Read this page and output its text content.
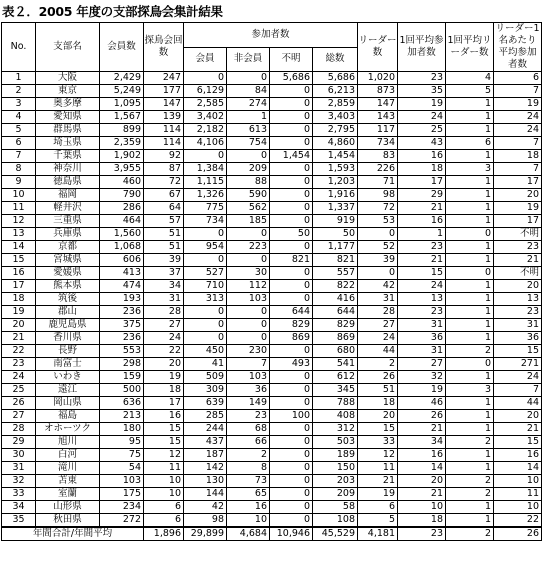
表２．2005 年度の支部探鳥会集計結果
No.	支部名	会員数	探鳥会回数	参加者数				リーダー数	1回平均参加者数	1回平均リーダー数	リーダー1名あたり平均参加者数
				会員	非会員	不明	総数				
1	大阪	2,429	247	0	0	5,686	5,686	1,020	23	4	6
2	東京	5,249	177	6,129	84	0	6,213	873	35	5	7
3	奥多摩	1,095	147	2,585	274	0	2,859	147	19	1	19
4	愛知県	1,567	139	3,402	1	0	3,403	143	24	1	24
5	群馬県	899	114	2,182	613	0	2,795	117	25	1	24
6	埼玉県	2,359	114	4,106	754	0	4,860	734	43	6	7
7	千葉県	1,902	92	0	0	1,454	1,454	83	16	1	18
8	神奈川	3,955	87	1,384	209	0	1,593	226	18	3	7
9	徳島県	460	72	1,115	88	0	1,203	71	17	1	17
10	福岡	790	67	1,326	590	0	1,916	98	29	1	20
11	軽井沢	286	64	775	562	0	1,337	72	21	1	19
12	三重県	464	57	734	185	0	919	53	16	1	17
13	兵庫県	1,560	51	0	0	50	50	0	1	0	不明
14	京都	1,068	51	954	223	0	1,177	52	23	1	23
15	宮城県	606	39	0	0	821	821	39	21	1	21
16	愛媛県	413	37	527	30	0	557	0	15	0	不明
17	熊本県	474	34	710	112	0	822	42	24	1	20
18	筑後	193	31	313	103	0	416	31	13	1	13
19	郡山	236	28	0	0	644	644	28	23	1	23
20	鹿児島県	375	27	0	0	829	829	27	31	1	31
21	香川県	236	24	0	0	869	869	24	36	1	36
22	長野	553	22	450	230	0	680	44	31	2	15
23	南富士	298	20	41	7	493	541	2	27	0	271
24	いわき	159	19	509	103	0	612	26	32	1	24
25	遠江	500	18	309	36	0	345	51	19	3	7
26	岡山県	636	17	639	149	0	788	18	46	1	44
27	福島	213	16	285	23	100	408	20	26	1	20
28	オホーツク	180	15	244	68	0	312	15	21	1	21
29	旭川	95	15	437	66	0	503	33	34	2	15
30	白河	75	12	187	2	0	189	12	16	1	16
31	滝川	54	11	142	8	0	150	11	14	1	14
32	苫東	103	10	130	73	0	203	21	20	2	10
33	室蘭	175	10	144	65	0	209	19	21	2	11
34	山形県	234	6	42	16	0	58	6	10	1	10
35	秋田県	272	6	98	10	0	108	5	18	1	22
年間合計/年間平均			1,896	29,899	4,684	10,946	45,529	4,181	23	2	26
